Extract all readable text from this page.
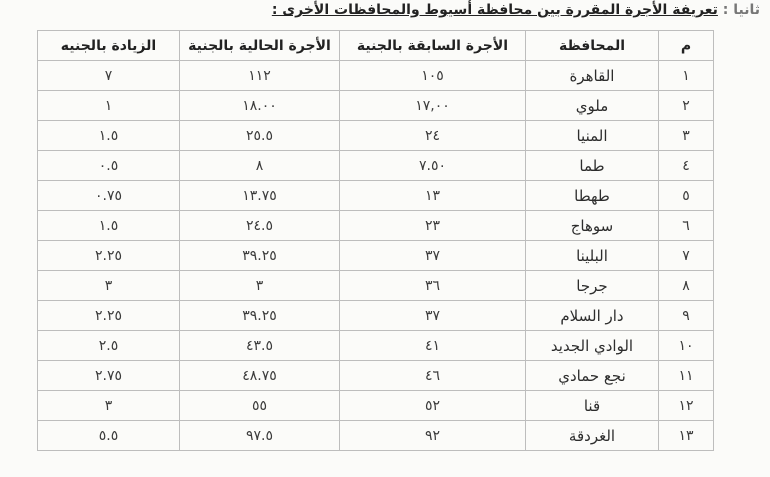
ثانيا : تعريفة الأجرة المقررة بين محافظة أسيوط والمحافظات الأخرى :
م	المحافظة	الأجرة السابقة بالجنية	الأجرة الحالية بالجنية	الزيادة بالجنيه
١	القاهرة	١٠٥	١١٢	٧
٢	ملوي	١٧,٠٠	١٨.٠٠	١
٣	المنيا	٢٤	٢٥.٥	١.٥
٤	طما	٧.٥٠	٨	٠.٥
٥	طهطا	١٣	١٣.٧٥	٠.٧٥
٦	سوهاج	٢٣	٢٤.٥	١.٥
٧	البلينا	٣٧	٣٩.٢٥	٢.٢٥
٨	جرجا	٣٦	٣	٣
٩	دار السلام	٣٧	٣٩.٢٥	٢.٢٥
١٠	الوادي الجديد	٤١	٤٣.٥	٢.٥
١١	نجع حمادي	٤٦	٤٨.٧٥	٢.٧٥
١٢	قنا	٥٢	٥٥	٣
١٣	الغردقة	٩٢	٩٧.٥	٥.٥
